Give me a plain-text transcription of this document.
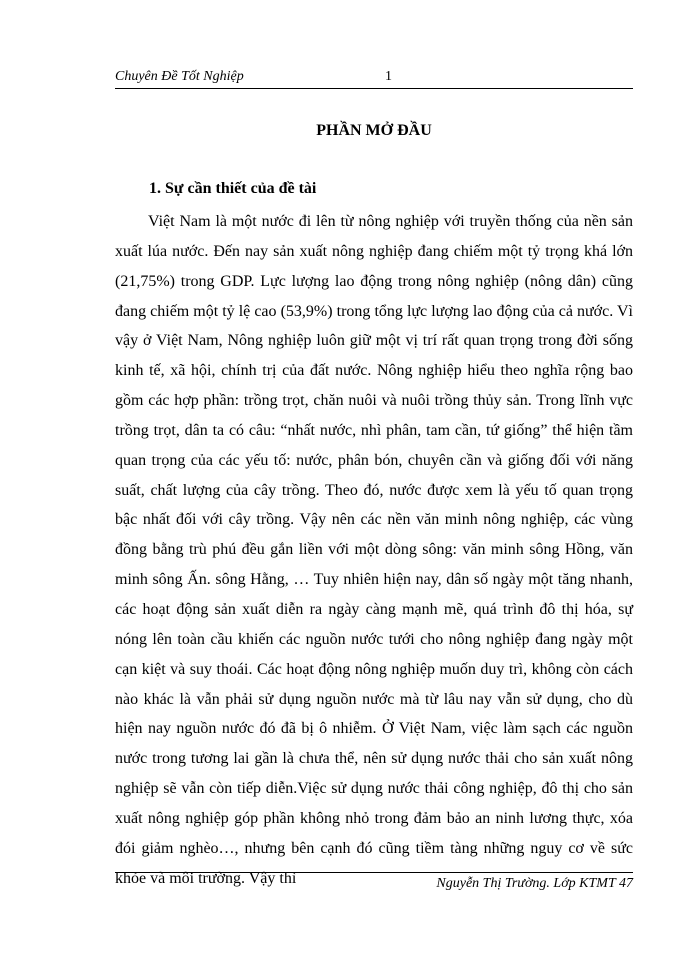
Chuyên Đề Tốt Nghiệp	1
PHẦN MỞ ĐẦU
1. Sự cần thiết của đề tài

Việt Nam là một nước đi lên từ nông nghiệp với truyền thống của nền sản xuất lúa nước. Đến nay sản xuất nông nghiệp đang chiếm một tỷ trọng khá lớn (21,75%) trong GDP. Lực lượng lao động trong nông nghiệp (nông dân) cũng đang chiếm một tỷ lệ cao (53,9%) trong tổng lực lượng lao động của cả nước. Vì vậy ở Việt Nam, Nông nghiệp luôn giữ một vị trí rất quan trọng trong đời sống kinh tế, xã hội, chính trị của đất nước. Nông nghiệp hiểu theo nghĩa rộng bao gồm các hợp phần: trồng trọt, chăn nuôi và nuôi trồng thủy sản. Trong lĩnh vực trồng trọt, dân ta có câu: “nhất nước, nhì phân, tam cần, tứ giống” thể hiện tầm quan trọng của các yếu tố: nước, phân bón, chuyên cần và giống đối với năng suất, chất lượng của cây trồng. Theo đó, nước được xem là yếu tố quan trọng bậc nhất đối với cây trồng. Vậy nên các nền văn minh nông nghiệp, các vùng đồng bằng trù phú đều gắn liền với một dòng sông: văn minh sông Hồng, văn minh sông Ấn. sông Hằng, … Tuy nhiên hiện nay, dân số ngày một tăng nhanh, các hoạt động sản xuất diễn ra ngày càng mạnh mẽ, quá trình đô thị hóa, sự nóng lên toàn cầu khiến các nguồn nước tưới cho nông nghiệp đang ngày một cạn kiệt và suy thoái. Các hoạt động nông nghiệp muốn duy trì, không còn cách nào khác là vẫn phải sử dụng nguồn nước mà từ lâu nay vẫn sử dụng, cho dù hiện nay nguồn nước đó đã bị ô nhiễm. Ở Việt Nam, việc làm sạch các nguồn nước trong tương lai gần là chưa thể, nên sử dụng nước thải cho sản xuất nông nghiệp sẽ vẫn còn tiếp diễn.Việc sử dụng nước thải công nghiệp, đô thị cho sản xuất nông nghiệp góp phần không nhỏ trong đảm bảo an ninh lương thực, xóa đói giảm nghèo…, nhưng bên cạnh đó cũng tiềm tàng những nguy cơ về sức khỏe và môi trường. Vậy thì	Nguyễn Thị Trường. Lớp KTMT 47
